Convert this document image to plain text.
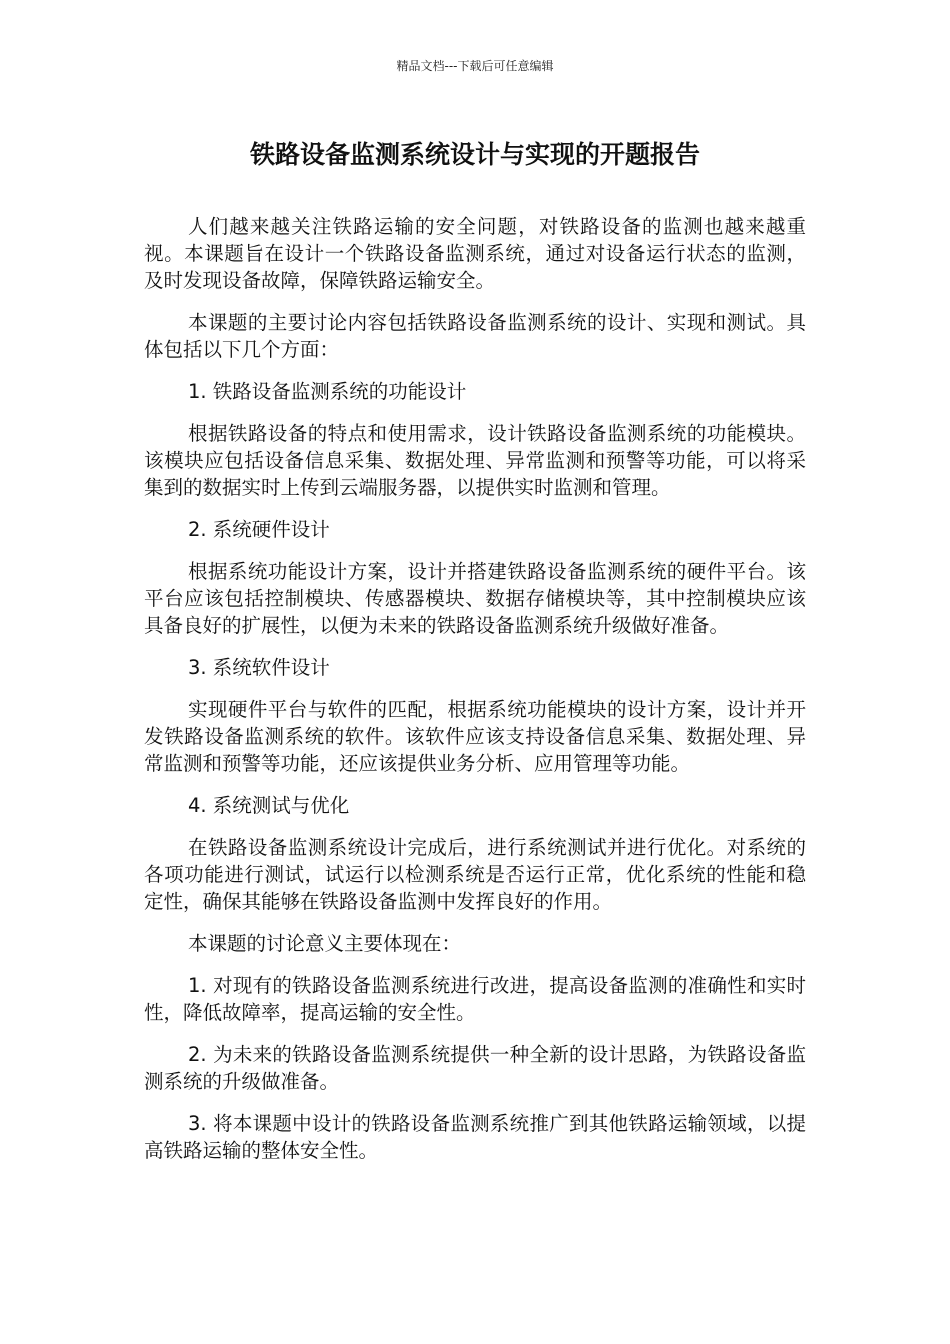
精品文档---下载后可任意编辑
铁路设备监测系统设计与实现的开题报告

人们越来越关注铁路运输的安全问题，对铁路设备的监测也越来越重视。本课题旨在设计一个铁路设备监测系统，通过对设备运行状态的监测，及时发现设备故障，保障铁路运输安全。

本课题的主要讨论内容包括铁路设备监测系统的设计、实现和测试。具体包括以下几个方面：

1. 铁路设备监测系统的功能设计

根据铁路设备的特点和使用需求，设计铁路设备监测系统的功能模块。该模块应包括设备信息采集、数据处理、异常监测和预警等功能，可以将采集到的数据实时上传到云端服务器，以提供实时监测和管理。

2. 系统硬件设计

根据系统功能设计方案，设计并搭建铁路设备监测系统的硬件平台。该平台应该包括控制模块、传感器模块、数据存储模块等，其中控制模块应该具备良好的扩展性，以便为未来的铁路设备监测系统升级做好准备。

3. 系统软件设计

实现硬件平台与软件的匹配，根据系统功能模块的设计方案，设计并开发铁路设备监测系统的软件。该软件应该支持设备信息采集、数据处理、异常监测和预警等功能，还应该提供业务分析、应用管理等功能。

4. 系统测试与优化

在铁路设备监测系统设计完成后，进行系统测试并进行优化。对系统的各项功能进行测试，试运行以检测系统是否运行正常，优化系统的性能和稳定性，确保其能够在铁路设备监测中发挥良好的作用。

本课题的讨论意义主要体现在：

1. 对现有的铁路设备监测系统进行改进，提高设备监测的准确性和实时性，降低故障率，提高运输的安全性。

2. 为未来的铁路设备监测系统提供一种全新的设计思路，为铁路设备监测系统的升级做准备。

3. 将本课题中设计的铁路设备监测系统推广到其他铁路运输领域，以提高铁路运输的整体安全性。
